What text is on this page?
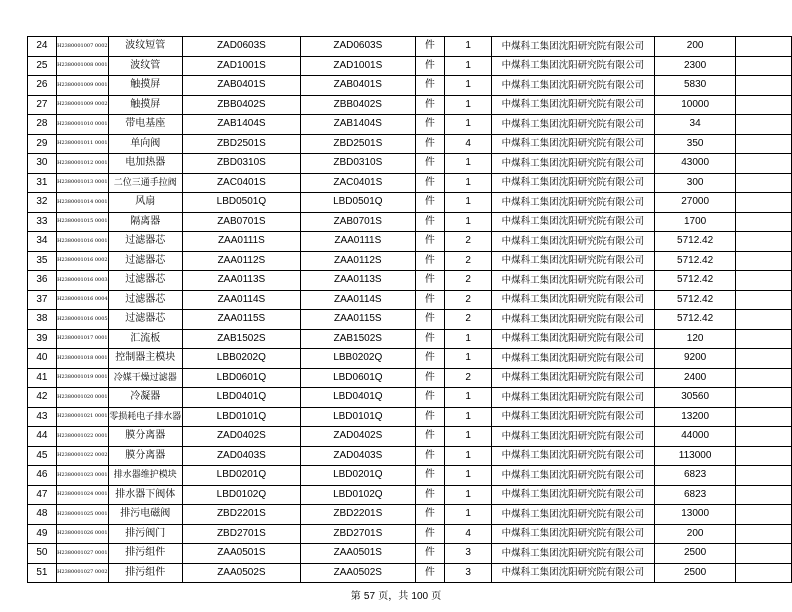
24	H2380001007 0002	波纹短管	ZAD0603S	ZAD0603S	件	1	中煤科工集团沈阳研究院有限公司	200	
25	H2380001008 0001	波纹管	ZAD1001S	ZAD1001S	件	1	中煤科工集团沈阳研究院有限公司	2300	
26	H2380001009 0001	触摸屏	ZAB0401S	ZAB0401S	件	1	中煤科工集团沈阳研究院有限公司	5830	
27	H2380001009 0002	触摸屏	ZBB0402S	ZBB0402S	件	1	中煤科工集团沈阳研究院有限公司	10000	
28	H2380001010 0001	带电基座	ZAB1404S	ZAB1404S	件	1	中煤科工集团沈阳研究院有限公司	34	
29	H2380001011 0001	单向阀	ZBD2501S	ZBD2501S	件	4	中煤科工集团沈阳研究院有限公司	350	
30	H2380001012 0001	电加热器	ZBD0310S	ZBD0310S	件	1	中煤科工集团沈阳研究院有限公司	43000	
31	H2380001013 0001	二位三通手拉阀	ZAC0401S	ZAC0401S	件	1	中煤科工集团沈阳研究院有限公司	300	
32	H2380001014 0001	风扇	LBD0501Q	LBD0501Q	件	1	中煤科工集团沈阳研究院有限公司	27000	
33	H2380001015 0001	隔离器	ZAB0701S	ZAB0701S	件	1	中煤科工集团沈阳研究院有限公司	1700	
34	H2380001016 0001	过滤器芯	ZAA0111S	ZAA0111S	件	2	中煤科工集团沈阳研究院有限公司	5712.42	
35	H2380001016 0002	过滤器芯	ZAA0112S	ZAA0112S	件	2	中煤科工集团沈阳研究院有限公司	5712.42	
36	H2380001016 0003	过滤器芯	ZAA0113S	ZAA0113S	件	2	中煤科工集团沈阳研究院有限公司	5712.42	
37	H2380001016 0004	过滤器芯	ZAA0114S	ZAA0114S	件	2	中煤科工集团沈阳研究院有限公司	5712.42	
38	H2380001016 0005	过滤器芯	ZAA0115S	ZAA0115S	件	2	中煤科工集团沈阳研究院有限公司	5712.42	
39	H2380001017 0001	汇流板	ZAB1502S	ZAB1502S	件	1	中煤科工集团沈阳研究院有限公司	120	
40	H2380001018 0001	控制器主模块	LBB0202Q	LBB0202Q	件	1	中煤科工集团沈阳研究院有限公司	9200	
41	H2380001019 0001	冷媒干燥过滤器	LBD0601Q	LBD0601Q	件	2	中煤科工集团沈阳研究院有限公司	2400	
42	H2380001020 0001	冷凝器	LBD0401Q	LBD0401Q	件	1	中煤科工集团沈阳研究院有限公司	30560	
43	H2380001021 0001	零损耗电子排水器	LBD0101Q	LBD0101Q	件	1	中煤科工集团沈阳研究院有限公司	13200	
44	H2380001022 0001	膜分离器	ZAD0402S	ZAD0402S	件	1	中煤科工集团沈阳研究院有限公司	44000	
45	H2380001022 0002	膜分离器	ZAD0403S	ZAD0403S	件	1	中煤科工集团沈阳研究院有限公司	113000	
46	H2380001023 0001	排水器维护模块	LBD0201Q	LBD0201Q	件	1	中煤科工集团沈阳研究院有限公司	6823	
47	H2380001024 0001	排水器下阀体	LBD0102Q	LBD0102Q	件	1	中煤科工集团沈阳研究院有限公司	6823	
48	H2380001025 0001	排污电磁阀	ZBD2201S	ZBD2201S	件	1	中煤科工集团沈阳研究院有限公司	13000	
49	H2380001026 0001	排污阀门	ZBD2701S	ZBD2701S	件	4	中煤科工集团沈阳研究院有限公司	200	
50	H2380001027 0001	排污组件	ZAA0501S	ZAA0501S	件	3	中煤科工集团沈阳研究院有限公司	2500	
51	H2380001027 0002	排污组件	ZAA0502S	ZAA0502S	件	3	中煤科工集团沈阳研究院有限公司	2500	
第 57 页，共 100 页
